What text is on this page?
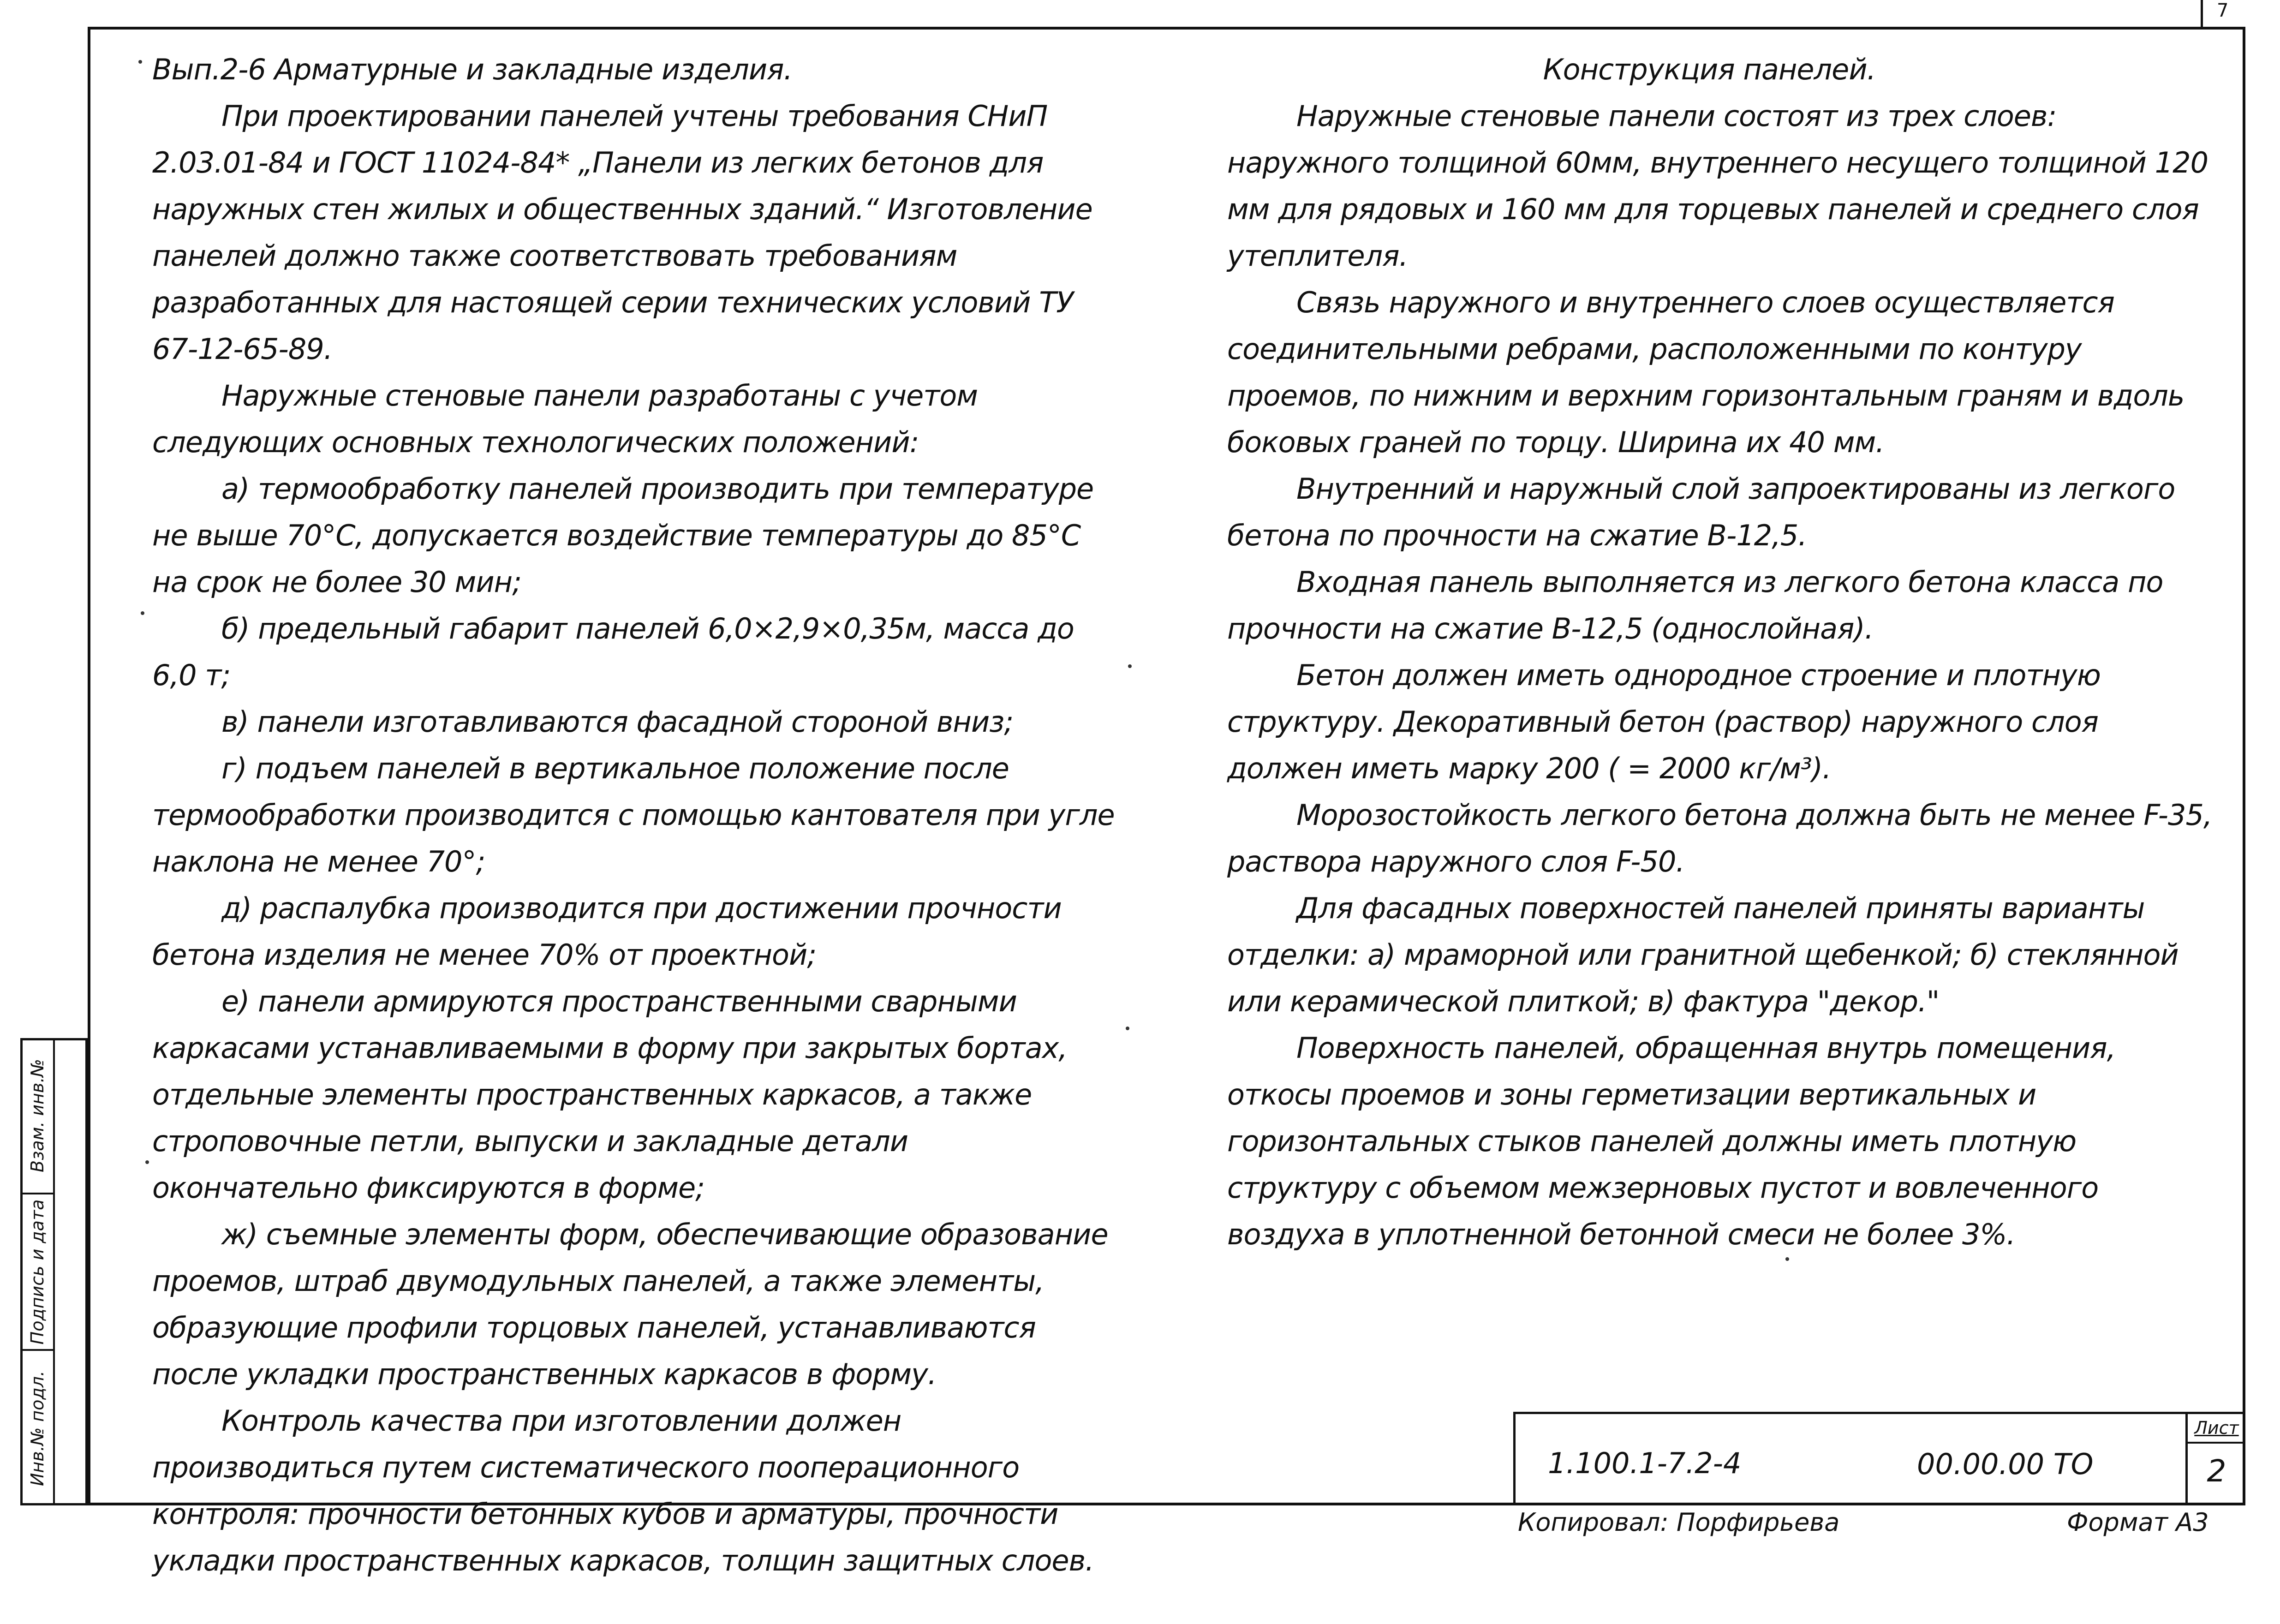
7
Взам. инв.№
Подпись и дата
Инв.№ подл.

Вып.2-6 Арматурные и закладные изделия.

При проектировании панелей учтены требования СНиП 2.03.01-84 и ГОСТ 11024-84* „Панели из легких бетонов для наружных стен жилых и общественных зданий.“ Изготовление панелей должно также соответствовать требованиям разработанных для настоящей серии технических условий ТУ 67-12-65-89.

Наружные стеновые панели разработаны с учетом следующих основных технологических положений:

а) термообработку панелей производить при температуре не выше 70°С, допускается воздействие температуры до 85°С на срок не более 30 мин;

б) предельный габарит панелей 6,0×2,9×0,35м, масса до 6,0 т;

в) панели изготавливаются фасадной стороной вниз;

г) подъем панелей в вертикальное положение после термообработки производится с помощью кантователя при угле наклона не менее 70°;

д) распалубка производится при достижении прочности бетона изделия не менее 70% от проектной;

е) панели армируются пространственными сварными каркасами устанавливаемыми в форму при закрытых бортах, отдельные элементы пространственных каркасов, а также строповочные петли, выпуски и закладные детали окончательно фиксируются в форме;

ж) съемные элементы форм, обеспечивающие образование проемов, штраб двумодульных панелей, а также элементы, образующие профили торцовых панелей, устанавливаются после укладки пространственных каркасов в форму.

Контроль качества при изготовлении должен производиться путем систематического пооперационного контроля: прочности бетонных кубов и арматуры, прочности укладки пространственных каркасов, толщин защитных слоев.

Конструкция панелей.

Наружные стеновые панели состоят из трех слоев: наружного толщиной 60мм, внутреннего несущего толщиной 120 мм для рядовых и 160 мм для торцевых панелей и среднего слоя утеплителя.

Связь наружного и внутреннего слоев осуществляется соединительными ребрами, расположенными по контуру проемов, по нижним и верхним горизонтальным граням и вдоль боковых граней по торцу. Ширина их 40 мм.

Внутренний и наружный слой запроектированы из легкого бетона по прочности на сжатие В-12,5.

Входная панель выполняется из легкого бетона класса по прочности на сжатие В-12,5 (однослойная).

Бетон должен иметь однородное строение и плотную структуру. Декоративный бетон (раствор) наружного слоя должен иметь марку 200 ( = 2000 кг/м³).

Морозостойкость легкого бетона должна быть не менее F-35, раствора наружного слоя F-50.

Для фасадных поверхностей панелей приняты варианты отделки: а) мраморной или гранитной щебенкой; б) стеклянной или керамической плиткой; в) фактура "декор."

Поверхность панелей, обращенная внутрь помещения, откосы проемов и зоны герметизации вертикальных и горизонтальных стыков панелей должны иметь плотную структуру с объемом межзерновых пустот и вовлеченного воздуха в уплотненной бетонной смеси не более 3%.

1.100.1-7.2-4	00.00.00 ТО
Лист
2
Копировал: Порфирьева	Формат А3
